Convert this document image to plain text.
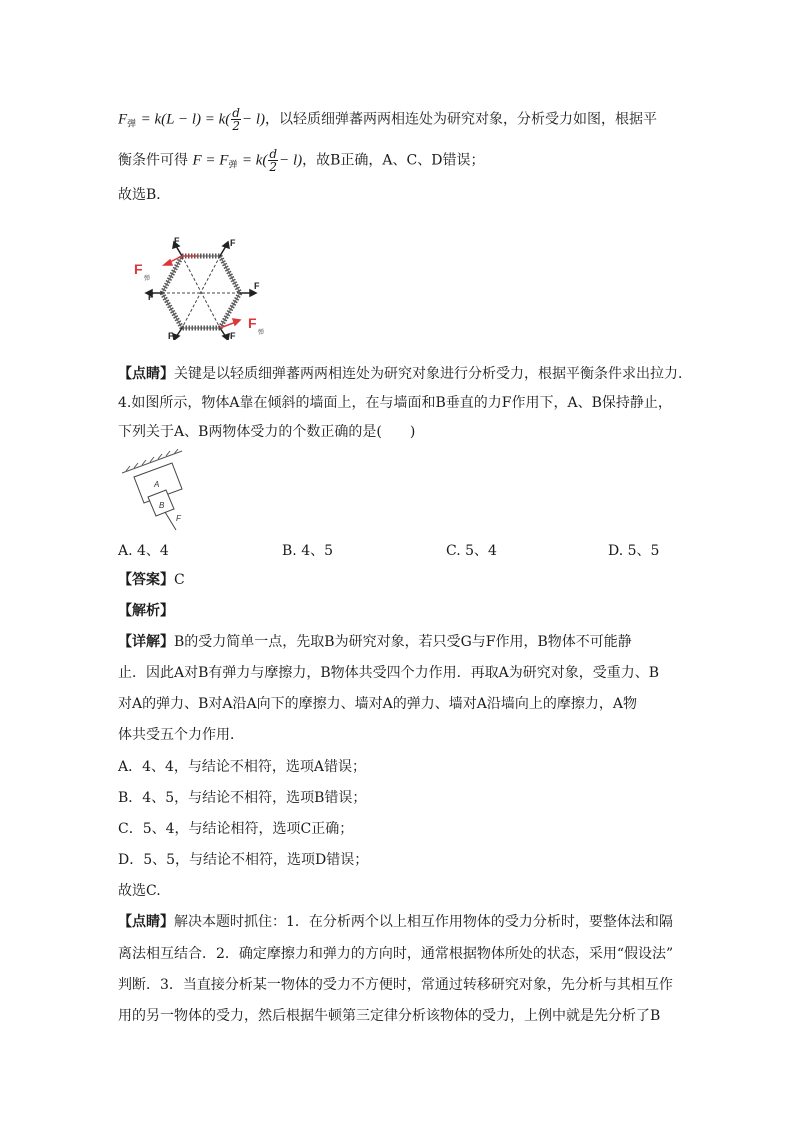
$F_弹 = k(L - l) = k( \frac{d}{2} - l)$，以轻质细弹蕃两两相连处为研究对象，分析受力如图，根据平
衡条件可得 $F = F_弹 = k( \frac{d}{2} - l)$，故B正确，A、C、D错误；
故选B．
F	F
F
F
F	F
F
弹
F
弹
【点睛】关键是以轻质细弹蕃两两相连处为研究对象进行分析受力，根据平衡条件求出拉力．
4.如图所示，物体A靠在倾斜的墙面上，在与墙面和B垂直的力F作用下，A、B保持静止，
下列关于A、B两物体受力的个数正确的是(　　)
A
B
F
A. 4、4	B. 4、5	C. 5、4	D. 5、5
【答案】C
【解析】
【详解】B的受力简单一点，先取B为研究对象，若只受G与F作用，B物体不可能静
止．因此A对B有弹力与摩擦力，B物体共受四个力作用．再取A为研究对象，受重力、B
对A的弹力、B对A沿A向下的摩擦力、墙对A的弹力、墙对A沿墙向上的摩擦力，A物
体共受五个力作用．
A．4、4，与结论不相符，选项A错误；
B．4、5，与结论不相符，选项B错误；
C．5、4，与结论相符，选项C正确；
D．5、5，与结论不相符，选项D错误；
故选C.
【点睛】解决本题时抓住：1．在分析两个以上相互作用物体的受力分析时，要整体法和隔
离法相互结合．2．确定摩擦力和弹力的方向时，通常根据物体所处的状态，采用“假设法”
判断．3．当直接分析某一物体的受力不方便时，常通过转移研究对象，先分析与其相互作
用的另一物体的受力，然后根据牛顿第三定律分析该物体的受力，上例中就是先分析了B
